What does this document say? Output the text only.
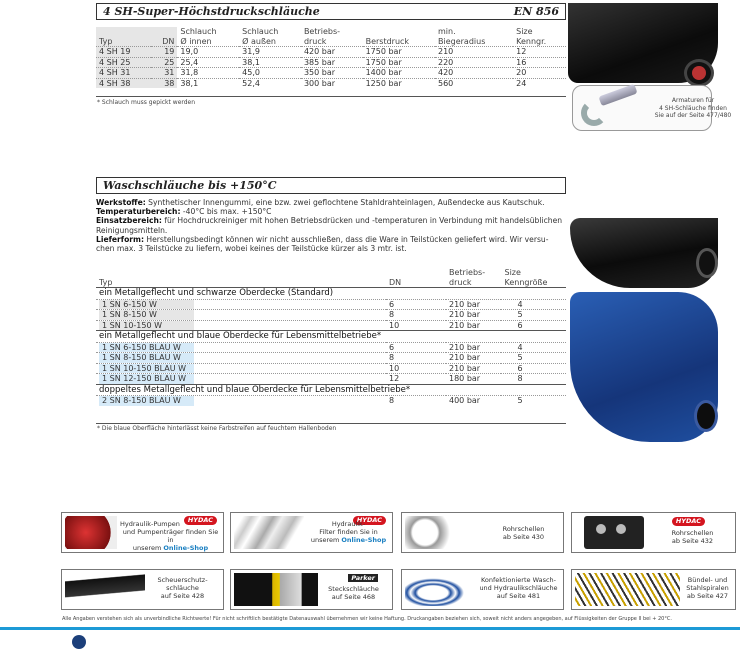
4 SH-Super-Höchstdruckschläuche	EN 856
		Schlauch	Schlauch	Betriebs-		min.	Size
Typ	DN	Ø innen	Ø außen	druck	Berstdruck	Biegeradius	Kenngr.
4 SH 19	19	19,0	31,9	420 bar	1750 bar	210	12
4 SH 25	25	25,4	38,1	385 bar	1750 bar	220	16
4 SH 31	31	31,8	45,0	350 bar	1400 bar	420	20
4 SH 38	38	38,1	52,4	300 bar	1250 bar	560	24
* Schlauch muss gepickt werden	Armaturen für
4 SH-Schläuche finden
Sie auf der Seite 477/480
Waschschläuche bis +150°C
Werkstoffe: Synthetischer Innengummi, eine bzw. zwei geflochtene Stahldrahteinlagen, Außendecke aus Kautschuk.
Temperaturbereich: -40°C bis max. +150°C
Einsatzbereich: für Hochdruckreiniger mit hohen Betriebsdrücken und -temperaturen in Verbindung mit handelsüblichen Reinigungsmitteln.
Lieferform: Herstellungsbedingt können wir nicht ausschließen, dass die Ware in Teilstücken geliefert wird. Wir versu-chen max. 3 Teilstücke zu liefern, wobei keines der Teilstücke kürzer als 3 mtr. ist.
		Betriebs-	Size
Typ	DN	druck	Kenngröße
ein Metallgeflecht und schwarze Oberdecke (Standard)			
1 SN 6-150 W	6	210 bar	4
1 SN 8-150 W	8	210 bar	5
1 SN 10-150 W	10	210 bar	6
ein Metallgeflecht und blaue Oberdecke für Lebensmittelbetriebe*			
1 SN 6-150 BLAU W	6	210 bar	4
1 SN 8-150 BLAU W	8	210 bar	5
1 SN 10-150 BLAU W	10	210 bar	6
1 SN 12-150 BLAU W	12	180 bar	8
doppeltes Metallgeflecht und blaue Oberdecke für Lebensmittelbetriebe*			
2 SN 8-150 BLAU W	8	400 bar	5
* Die blaue Oberfläche hinterlässt keine Farbstreifen auf feuchtem Hallenboden
HYDAC
Hydraulik-Pumpen
und Pumpenträger finden Sie in
unserem Online-Shop
HYDAC
Hydraulik-
Filter finden Sie in
unserem Online-Shop
Rohrschellen
ab Seite 430
HYDAC
Rohrschellen
ab Seite 432
Scheuerschutz-
schläuche
auf Seite 428
Parker
Steckschläuche
auf Seite 468
Konfektionierte Wasch-
und Hydraulikschläuche
auf Seite 481
Bündel- und
Stahlspiralen
ab Seite 427
Alle Angaben verstehen sich als unverbindliche Richtwerte! Für nicht schriftlich bestätigte Datenauswahl übernehmen wir keine Haftung. Druckangaben beziehen sich, soweit nicht anders angegeben, auf Flüssigkeiten der Gruppe II bei + 20°C.
